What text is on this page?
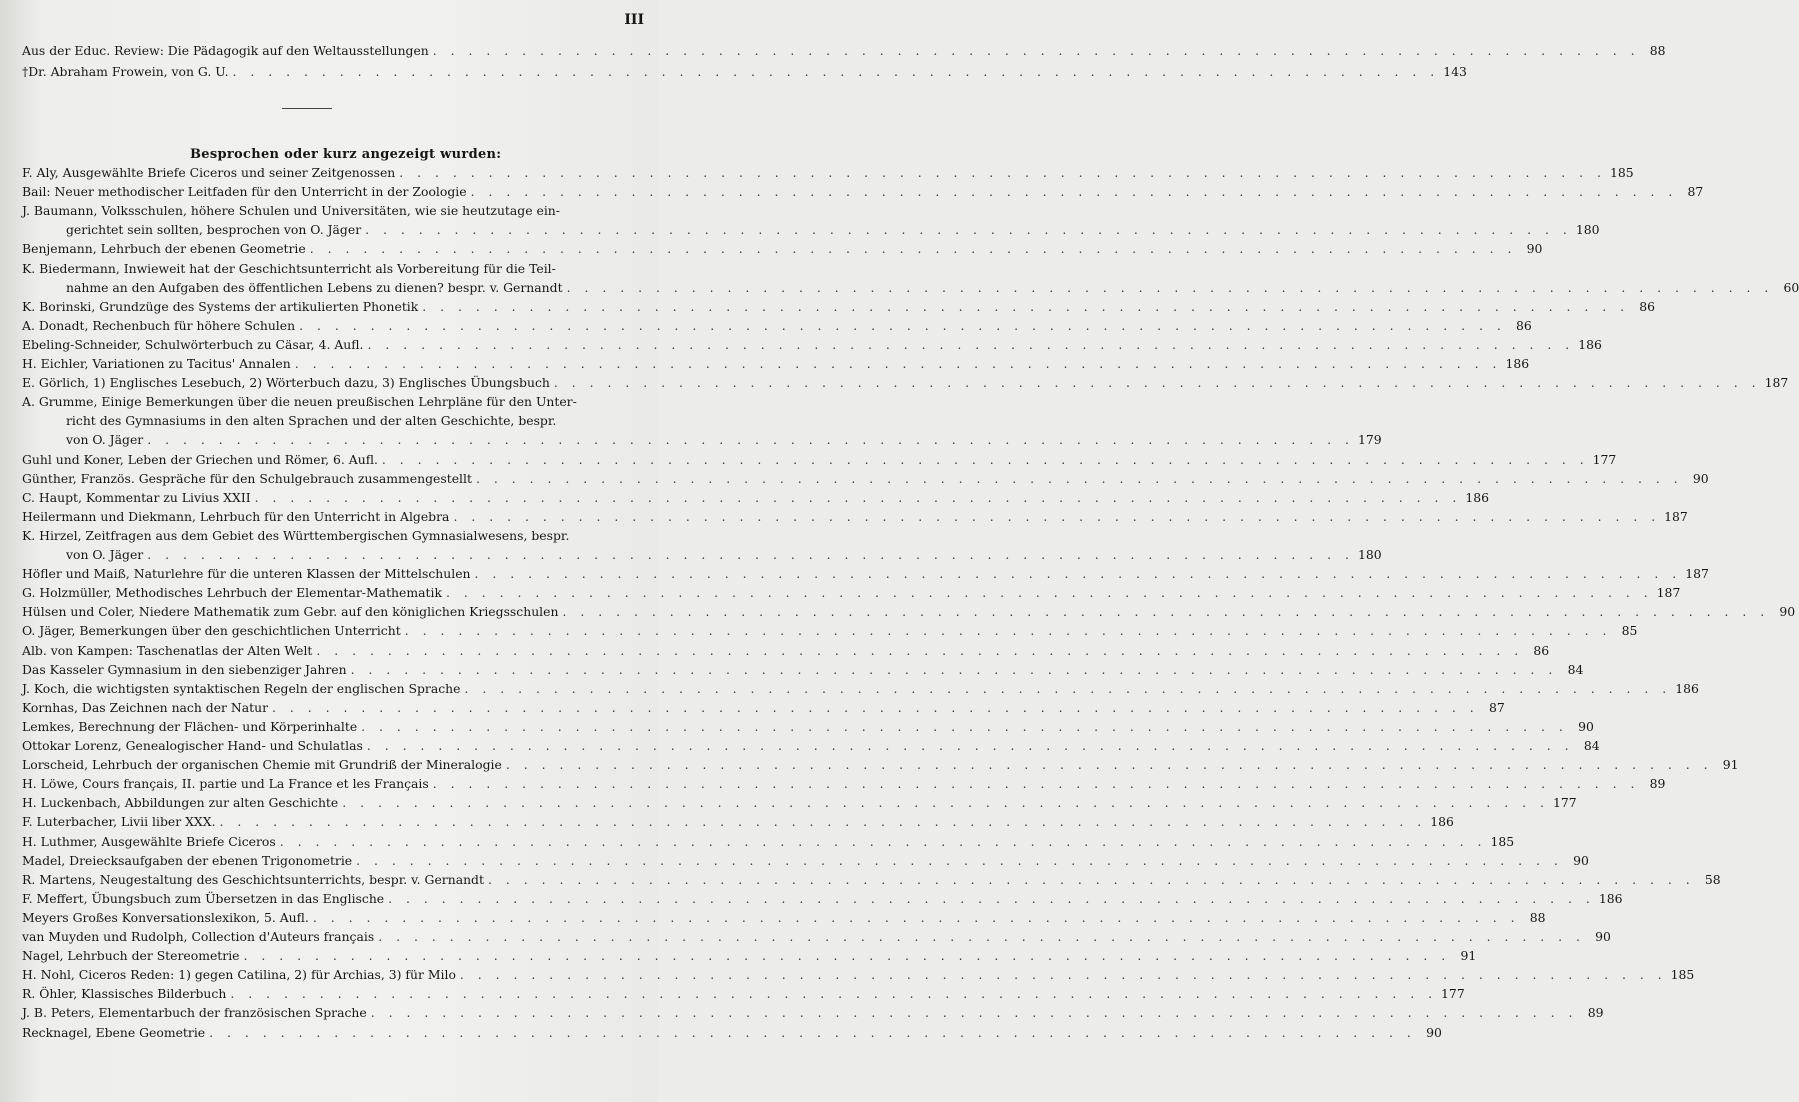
III
Aus der Educ. Review: Die Pädagogik auf den Weltausstellungen . . . . . . . . . . . . . . . . . . . . . . . . . . . . . . . . . . . . . . . . . . . . . . . . . . . . . . . . . . . . . . . . . . . . 88
†Dr. Abraham Frowein, von G. U. . . . . . . . . . . . . . . . . . . . . . . . . . . . . . . . . . . . . . . . . . . . . . . . . . . . . . . . . . . . . . . . . . . . . 143
Besprochen oder kurz angezeigt wurden:
F. Aly, Ausgewählte Briefe Ciceros und seiner Zeitgenossen . . . . . . . . . . . . . . . . . . . . . . . . . . . . . . . . . . . . . . . . . . . . . . . . . . . . . . . . . . . . . . . . . . . . 185
Bail: Neuer methodischer Leitfaden für den Unterricht in der Zoologie . . . . . . . . . . . . . . . . . . . . . . . . . . . . . . . . . . . . . . . . . . . . . . . . . . . . . . . . . . . . . . . . . . . . 87
J. Baumann, Volksschulen, höhere Schulen und Universitäten, wie sie heutzutage ein-
gerichtet sein sollten, besprochen von O. Jäger . . . . . . . . . . . . . . . . . . . . . . . . . . . . . . . . . . . . . . . . . . . . . . . . . . . . . . . . . . . . . . . . . . . . 180
Benjemann, Lehrbuch der ebenen Geometrie . . . . . . . . . . . . . . . . . . . . . . . . . . . . . . . . . . . . . . . . . . . . . . . . . . . . . . . . . . . . . . . . . . . . 90
K. Biedermann, Inwieweit hat der Geschichtsunterricht als Vorbereitung für die Teil-
nahme an den Aufgaben des öffentlichen Lebens zu dienen? bespr. v. Gernandt . . . . . . . . . . . . . . . . . . . . . . . . . . . . . . . . . . . . . . . . . . . . . . . . . . . . . . . . . . . . . . . . . . . . 60
K. Borinski, Grundzüge des Systems der artikulierten Phonetik . . . . . . . . . . . . . . . . . . . . . . . . . . . . . . . . . . . . . . . . . . . . . . . . . . . . . . . . . . . . . . . . . . . . 86
A. Donadt, Rechenbuch für höhere Schulen . . . . . . . . . . . . . . . . . . . . . . . . . . . . . . . . . . . . . . . . . . . . . . . . . . . . . . . . . . . . . . . . . . . . 86
Ebeling-Schneider, Schulwörterbuch zu Cäsar, 4. Aufl. . . . . . . . . . . . . . . . . . . . . . . . . . . . . . . . . . . . . . . . . . . . . . . . . . . . . . . . . . . . . . . . . . . . . 186
H. Eichler, Variationen zu Tacitus' Annalen . . . . . . . . . . . . . . . . . . . . . . . . . . . . . . . . . . . . . . . . . . . . . . . . . . . . . . . . . . . . . . . . . . . . 186
E. Görlich, 1) Englisches Lesebuch, 2) Wörterbuch dazu, 3) Englisches Übungsbuch . . . . . . . . . . . . . . . . . . . . . . . . . . . . . . . . . . . . . . . . . . . . . . . . . . . . . . . . . . . . . . . . . . . . 187
A. Grumme, Einige Bemerkungen über die neuen preußischen Lehrpläne für den Unter-
richt des Gymnasiums in den alten Sprachen und der alten Geschichte, bespr.
von O. Jäger . . . . . . . . . . . . . . . . . . . . . . . . . . . . . . . . . . . . . . . . . . . . . . . . . . . . . . . . . . . . . . . . . . . . 179
Guhl und Koner, Leben der Griechen und Römer, 6. Aufl. . . . . . . . . . . . . . . . . . . . . . . . . . . . . . . . . . . . . . . . . . . . . . . . . . . . . . . . . . . . . . . . . . . . . 177
Günther, Französ. Gespräche für den Schulgebrauch zusammengestellt . . . . . . . . . . . . . . . . . . . . . . . . . . . . . . . . . . . . . . . . . . . . . . . . . . . . . . . . . . . . . . . . . . . . 90
C. Haupt, Kommentar zu Livius XXII . . . . . . . . . . . . . . . . . . . . . . . . . . . . . . . . . . . . . . . . . . . . . . . . . . . . . . . . . . . . . . . . . . . . 186
Heilermann und Diekmann, Lehrbuch für den Unterricht in Algebra . . . . . . . . . . . . . . . . . . . . . . . . . . . . . . . . . . . . . . . . . . . . . . . . . . . . . . . . . . . . . . . . . . . . 187
K. Hirzel, Zeitfragen aus dem Gebiet des Württembergischen Gymnasialwesens, bespr.
von O. Jäger . . . . . . . . . . . . . . . . . . . . . . . . . . . . . . . . . . . . . . . . . . . . . . . . . . . . . . . . . . . . . . . . . . . . 180
Höfler und Maiß, Naturlehre für die unteren Klassen der Mittelschulen . . . . . . . . . . . . . . . . . . . . . . . . . . . . . . . . . . . . . . . . . . . . . . . . . . . . . . . . . . . . . . . . . . . . 187
G. Holzmüller, Methodisches Lehrbuch der Elementar-Mathematik . . . . . . . . . . . . . . . . . . . . . . . . . . . . . . . . . . . . . . . . . . . . . . . . . . . . . . . . . . . . . . . . . . . . 187
Hülsen und Coler, Niedere Mathematik zum Gebr. auf den königlichen Kriegsschulen . . . . . . . . . . . . . . . . . . . . . . . . . . . . . . . . . . . . . . . . . . . . . . . . . . . . . . . . . . . . . . . . . . . . 90
O. Jäger, Bemerkungen über den geschichtlichen Unterricht . . . . . . . . . . . . . . . . . . . . . . . . . . . . . . . . . . . . . . . . . . . . . . . . . . . . . . . . . . . . . . . . . . . . 85
Alb. von Kampen: Taschenatlas der Alten Welt . . . . . . . . . . . . . . . . . . . . . . . . . . . . . . . . . . . . . . . . . . . . . . . . . . . . . . . . . . . . . . . . . . . . 86
Das Kasseler Gymnasium in den siebenziger Jahren . . . . . . . . . . . . . . . . . . . . . . . . . . . . . . . . . . . . . . . . . . . . . . . . . . . . . . . . . . . . . . . . . . . . 84
J. Koch, die wichtigsten syntaktischen Regeln der englischen Sprache . . . . . . . . . . . . . . . . . . . . . . . . . . . . . . . . . . . . . . . . . . . . . . . . . . . . . . . . . . . . . . . . . . . . 186
Kornhas, Das Zeichnen nach der Natur . . . . . . . . . . . . . . . . . . . . . . . . . . . . . . . . . . . . . . . . . . . . . . . . . . . . . . . . . . . . . . . . . . . . 87
Lemkes, Berechnung der Flächen- und Körperinhalte . . . . . . . . . . . . . . . . . . . . . . . . . . . . . . . . . . . . . . . . . . . . . . . . . . . . . . . . . . . . . . . . . . . . 90
Ottokar Lorenz, Genealogischer Hand- und Schulatlas . . . . . . . . . . . . . . . . . . . . . . . . . . . . . . . . . . . . . . . . . . . . . . . . . . . . . . . . . . . . . . . . . . . . 84
Lorscheid, Lehrbuch der organischen Chemie mit Grundriß der Mineralogie . . . . . . . . . . . . . . . . . . . . . . . . . . . . . . . . . . . . . . . . . . . . . . . . . . . . . . . . . . . . . . . . . . . . 91
H. Löwe, Cours français, II. partie und La France et les Français . . . . . . . . . . . . . . . . . . . . . . . . . . . . . . . . . . . . . . . . . . . . . . . . . . . . . . . . . . . . . . . . . . . . 89
H. Luckenbach, Abbildungen zur alten Geschichte . . . . . . . . . . . . . . . . . . . . . . . . . . . . . . . . . . . . . . . . . . . . . . . . . . . . . . . . . . . . . . . . . . . . 177
F. Luterbacher, Livii liber XXX. . . . . . . . . . . . . . . . . . . . . . . . . . . . . . . . . . . . . . . . . . . . . . . . . . . . . . . . . . . . . . . . . . . . . 186
H. Luthmer, Ausgewählte Briefe Ciceros . . . . . . . . . . . . . . . . . . . . . . . . . . . . . . . . . . . . . . . . . . . . . . . . . . . . . . . . . . . . . . . . . . . . 185
Madel, Dreiecksaufgaben der ebenen Trigonometrie . . . . . . . . . . . . . . . . . . . . . . . . . . . . . . . . . . . . . . . . . . . . . . . . . . . . . . . . . . . . . . . . . . . . 90
R. Martens, Neugestaltung des Geschichtsunterrichts, bespr. v. Gernandt . . . . . . . . . . . . . . . . . . . . . . . . . . . . . . . . . . . . . . . . . . . . . . . . . . . . . . . . . . . . . . . . . . . . 58
F. Meffert, Übungsbuch zum Übersetzen in das Englische . . . . . . . . . . . . . . . . . . . . . . . . . . . . . . . . . . . . . . . . . . . . . . . . . . . . . . . . . . . . . . . . . . . . 186
Meyers Großes Konversationslexikon, 5. Aufl. . . . . . . . . . . . . . . . . . . . . . . . . . . . . . . . . . . . . . . . . . . . . . . . . . . . . . . . . . . . . . . . . . . . . 88
van Muyden und Rudolph, Collection d'Auteurs français . . . . . . . . . . . . . . . . . . . . . . . . . . . . . . . . . . . . . . . . . . . . . . . . . . . . . . . . . . . . . . . . . . . . 90
Nagel, Lehrbuch der Stereometrie . . . . . . . . . . . . . . . . . . . . . . . . . . . . . . . . . . . . . . . . . . . . . . . . . . . . . . . . . . . . . . . . . . . . 91
H. Nohl, Ciceros Reden: 1) gegen Catilina, 2) für Archias, 3) für Milo . . . . . . . . . . . . . . . . . . . . . . . . . . . . . . . . . . . . . . . . . . . . . . . . . . . . . . . . . . . . . . . . . . . . 185
R. Öhler, Klassisches Bilderbuch . . . . . . . . . . . . . . . . . . . . . . . . . . . . . . . . . . . . . . . . . . . . . . . . . . . . . . . . . . . . . . . . . . . . 177
J. B. Peters, Elementarbuch der französischen Sprache . . . . . . . . . . . . . . . . . . . . . . . . . . . . . . . . . . . . . . . . . . . . . . . . . . . . . . . . . . . . . . . . . . . . 89
Recknagel, Ebene Geometrie . . . . . . . . . . . . . . . . . . . . . . . . . . . . . . . . . . . . . . . . . . . . . . . . . . . . . . . . . . . . . . . . . . . . 90
